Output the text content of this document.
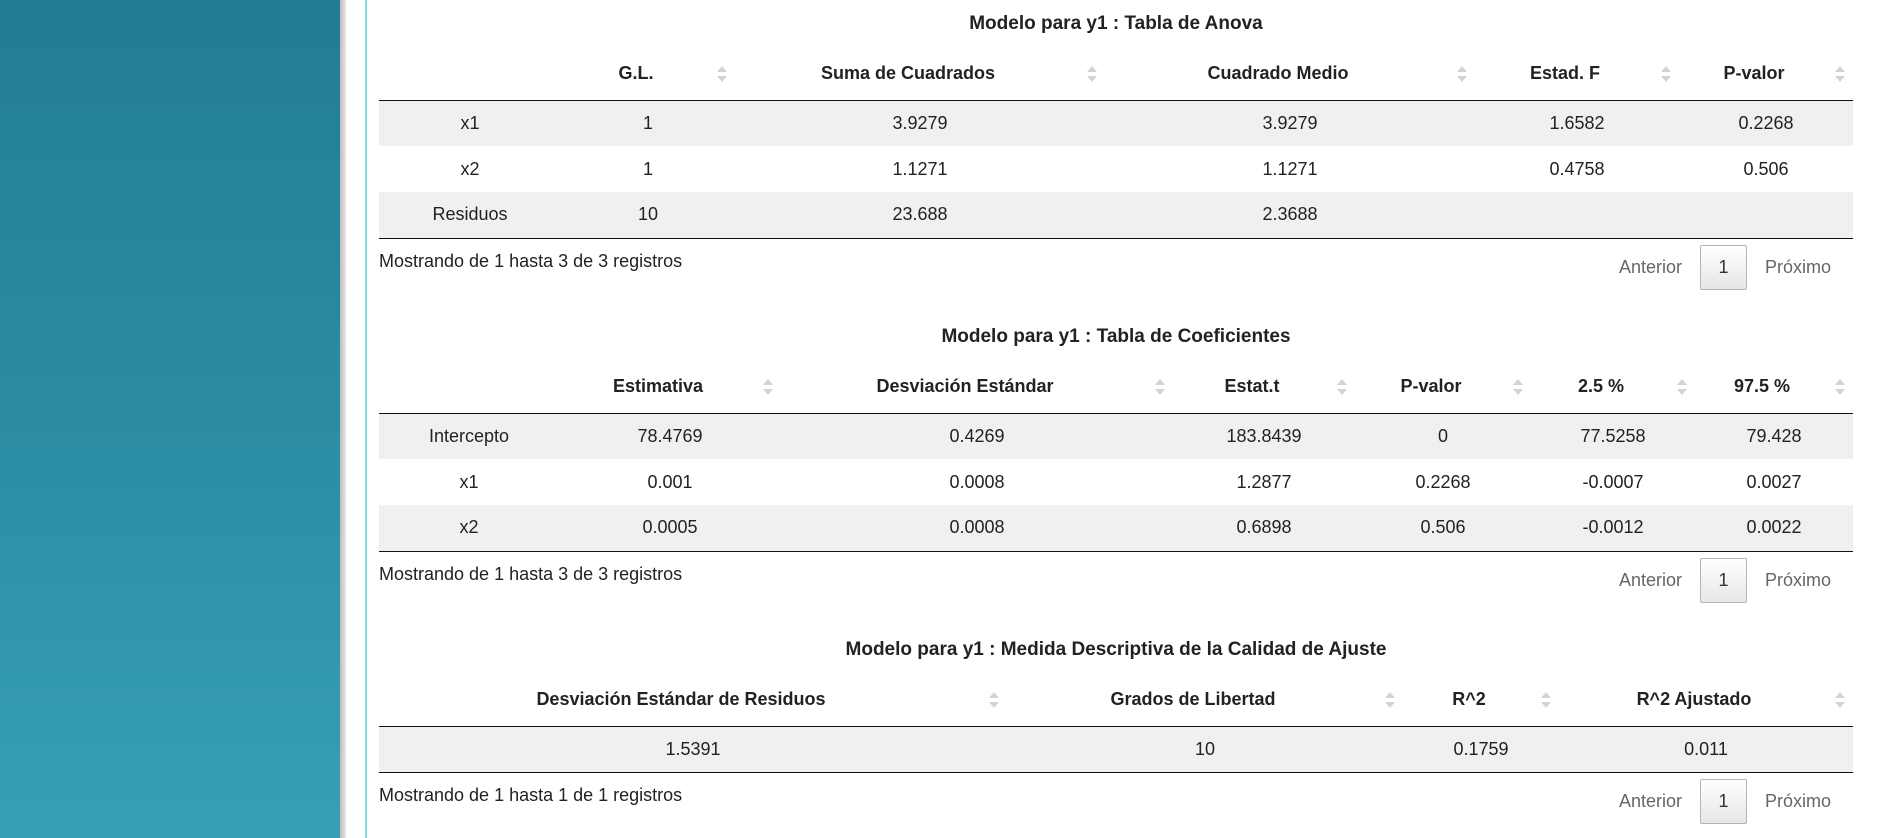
Modelo para y1 : Tabla de Anova
	G.L.	Suma de Cuadrados	Cuadrado Medio	Estad. F	P-valor

x1	1	3.9279	3.9279	1.6582	0.2268
x2	1	1.1271	1.1271	0.4758	0.506
Residuos	10	23.688	2.3688		
Mostrando de 1 hasta 3 de 3 registros	Anterior	1	Próximo
Modelo para y1 : Tabla de Coeficientes
	Estimativa	Desviación Estándar	Estat.t	P-valor	2.5 %	97.5 %

Intercepto	78.4769	0.4269	183.8439	0	77.5258	79.428
x1	0.001	0.0008	1.2877	0.2268	-0.0007	0.0027
x2	0.0005	0.0008	0.6898	0.506	-0.0012	0.0022
Mostrando de 1 hasta 3 de 3 registros	Anterior	1	Próximo
Modelo para y1 : Medida Descriptiva de la Calidad de Ajuste
Desviación Estándar de Residuos	Grados de Libertad	R^2	R^2 Ajustado

1.5391	10	0.1759	0.011
Mostrando de 1 hasta 1 de 1 registros	Anterior	1	Próximo
